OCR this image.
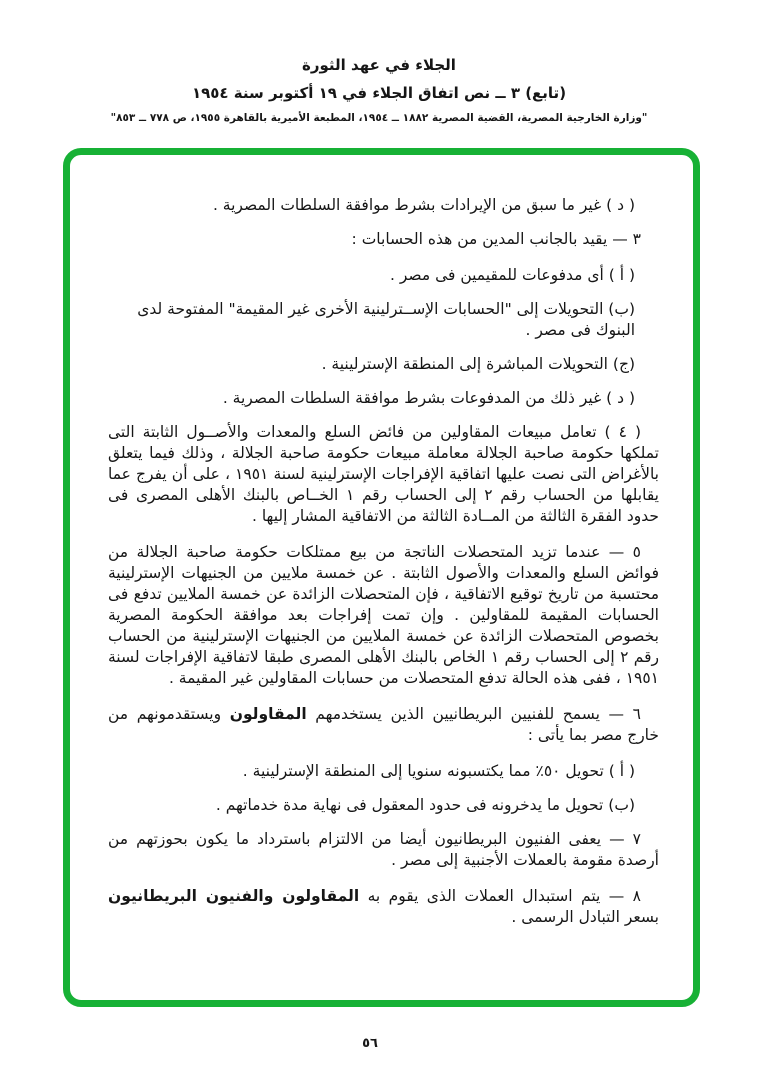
الجلاء في عهد الثورة

(تابع) ٣ ــ نص اتفاق الجلاء في ١٩ أكتوبر سنة ١٩٥٤

"وزارة الخارجية المصرية، القضية المصرية ١٨٨٢ ــ ١٩٥٤، المطبعة الأميرية بالقاهرة ١٩٥٥، ص ٧٧٨ ــ ٨٥٣"

( د ) غير ما سبق من الإيرادات بشرط موافقة السلطات المصرية .

٣ — يقيد بالجانب المدين من هذه الحسابات :

( أ ) أى مدفوعات للمقيمين فى مصر .

(ب) التحويلات إلى "الحسابات الإســترلينية الأخرى غير المقيمة" المفتوحة لدى البنوك فى مصر .

(ج) التحويلات المباشرة إلى المنطقة الإسترلينية .

( د ) غير ذلك من المدفوعات بشرط موافقة السلطات المصرية .

( ٤ ) تعامل مبيعات المقاولين من فائض السلع والمعدات والأصــول الثابتة التى تملكها حكومة صاحبة الجلالة معاملة مبيعات حكومة صاحبة الجلالة ، وذلك فيما يتعلق بالأغراض التى نصت عليها اتفاقية الإفراجات الإسترلينية لسنة ١٩٥١ ، على أن يفرج عما يقابلها من الحساب رقم ٢ إلى الحساب رقم ١ الخــاص بالبنك الأهلى المصرى فى حدود الفقرة الثالثة من المــادة الثالثة من الاتفاقية المشار إليها .

٥ — عندما تزيد المتحصلات الناتجة من بيع ممتلكات حكومة صاحبة الجلالة من فوائض السلع والمعدات والأصول الثابتة . عن خمسة ملايين من الجنيهات الإسترلينية محتسبة من تاريخ توقيع الاتفاقية ، فإن المتحصلات الزائدة عن خمسة الملايين تدفع فى الحسابات المقيمة للمقاولين . وإن تمت إفراجات بعد موافقة الحكومة المصرية بخصوص المتحصلات الزائدة عن خمسة الملايين من الجنيهات الإسترلينية من الحساب رقم ٢ إلى الحساب رقم ١ الخاص بالبنك الأهلى المصرى طبقا لاتفاقية الإفراجات لسنة ١٩٥١ ، ففى هذه الحالة تدفع المتحصلات من حسابات المقاولين غير المقيمة .

٦ — يسمح للفنيين البريطانيين الذين يستخدمهم المقاولون ويستقدمونهم من خارج مصر بما يأتى :

( أ ) تحويل ٥٠٪ مما يكتسبونه سنويا إلى المنطقة الإسترلينية .

(ب) تحويل ما يدخرونه فى حدود المعقول فى نهاية مدة خدماتهم .

٧ — يعفى الفنيون البريطانيون أيضا من الالتزام باسترداد ما يكون بحوزتهم من أرصدة مقومة بالعملات الأجنبية إلى مصر .

٨ — يتم استبدال العملات الذى يقوم به المقاولون والفنيون البريطانيون بسعر التبادل الرسمى .

٥٦
